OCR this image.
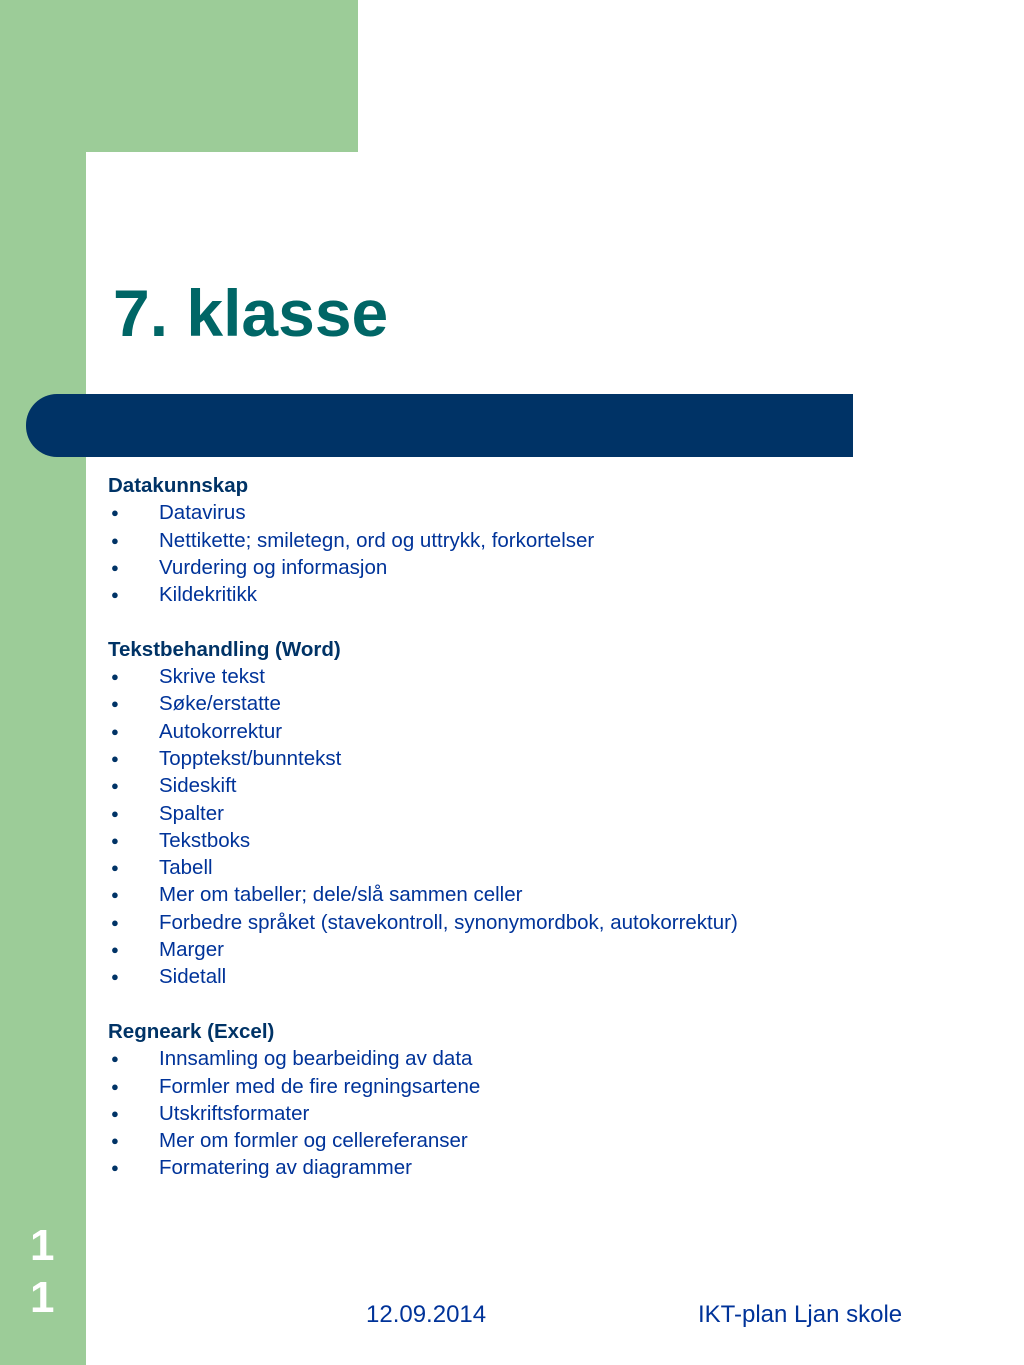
7. klasse
Datakunnskap
● Datavirus
● Nettikette; smiletegn, ord og uttrykk, forkortelser
● Vurdering og informasjon
● Kildekritikk
Tekstbehandling (Word)
● Skrive tekst
● Søke/erstatte
● Autokorrektur
● Topptekst/bunntekst
● Sideskift
● Spalter
● Tekstboks
● Tabell
● Mer om tabeller; dele/slå sammen celler
● Forbedre språket (stavekontroll, synonymordbok, autokorrektur)
● Marger
● Sidetall
Regneark (Excel)
● Innsamling og bearbeiding av data
● Formler med de fire regningsartene
● Utskriftsformater
● Mer om formler og cellereferanser
● Formatering av diagrammer
1
1	12.09.2014	IKT-plan Ljan skole
